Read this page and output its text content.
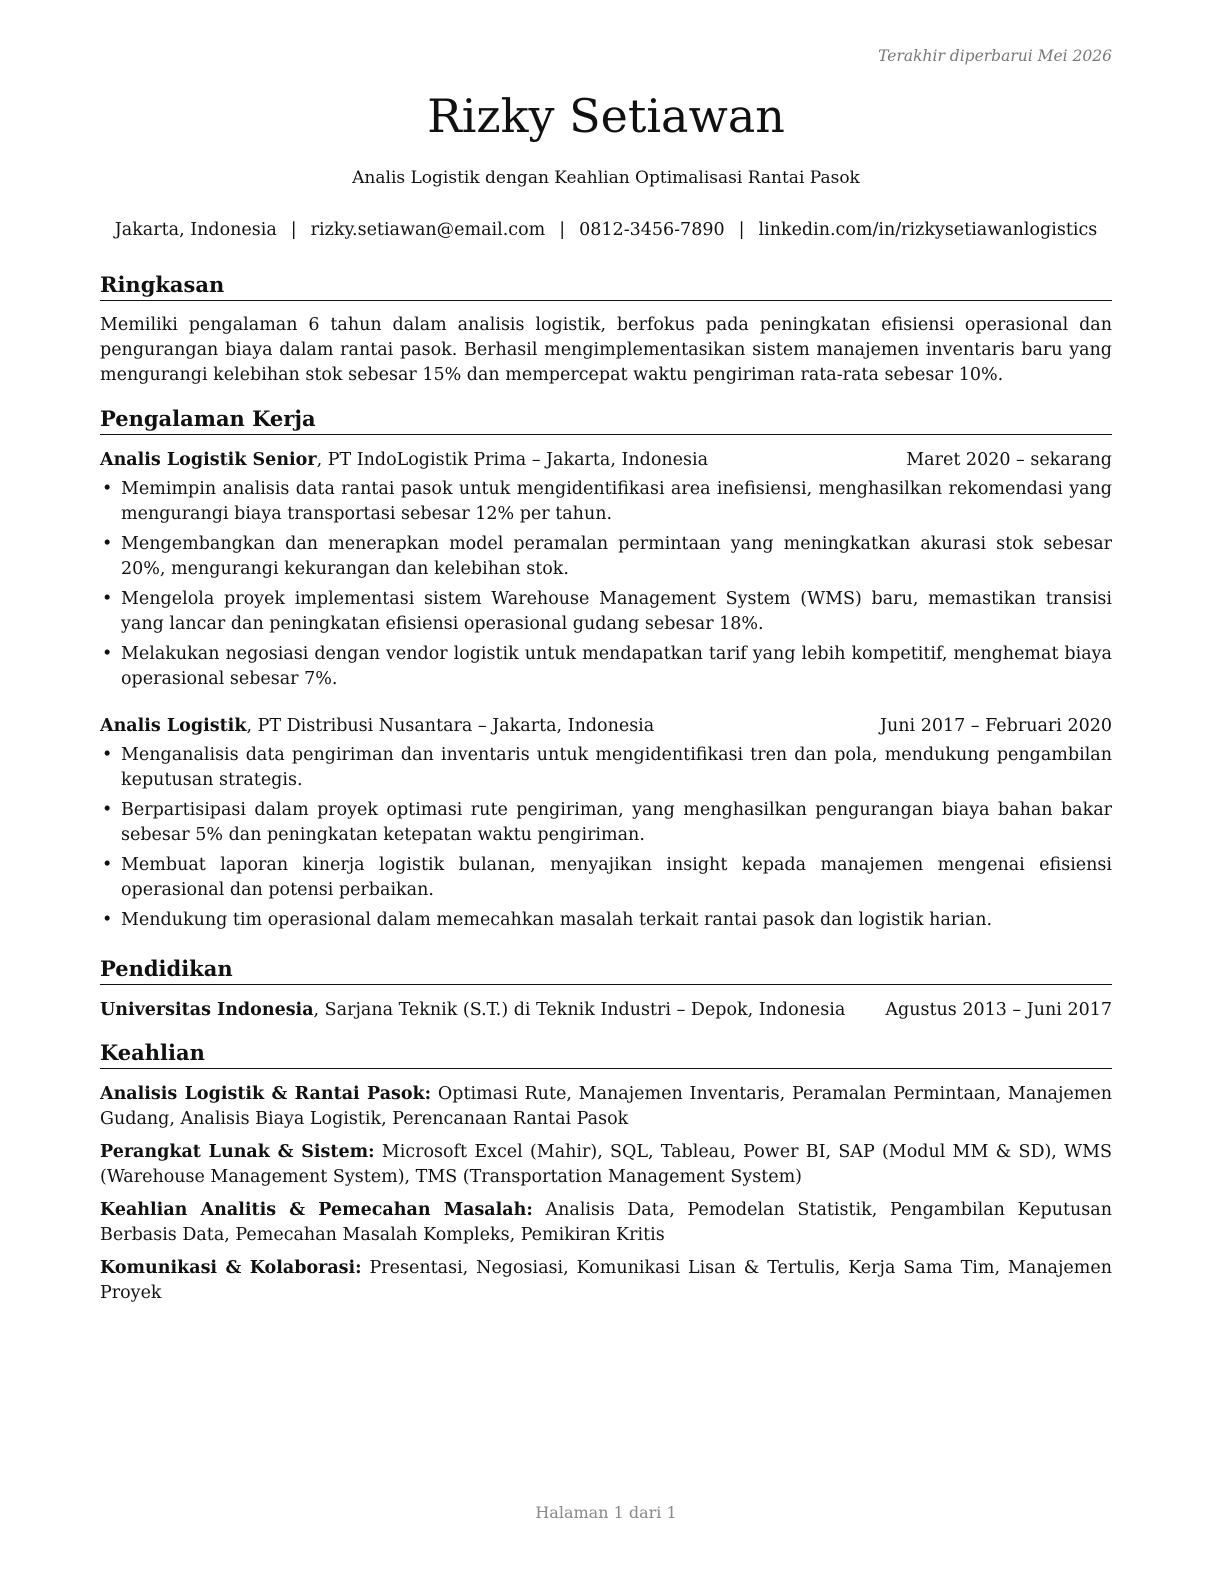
Terakhir diperbarui Mei 2026
Rizky Setiawan
Analis Logistik dengan Keahlian Optimalisasi Rantai Pasok
Jakarta, Indonesia | rizky.setiawan@email.com | 0812-3456-7890 | linkedin.com/in/rizkysetiawanlogistics
Ringkasan

Memiliki pengalaman 6 tahun dalam analisis logistik, berfokus pada peningkatan efisiensi operasional dan pengurangan biaya dalam rantai pasok. Berhasil mengimplementasikan sistem manajemen inventaris baru yang mengurangi kelebihan stok sebesar 15% dan mempercepat waktu pengiriman rata-rata sebesar 10%.

Pengalaman Kerja
Analis Logistik Senior, PT IndoLogistik Prima – Jakarta, Indonesia	Maret 2020 – sekarang
• Memimpin analisis data rantai pasok untuk mengidentifikasi area inefisiensi, menghasilkan rekomendasi yang mengurangi biaya transportasi sebesar 12% per tahun.
• Mengembangkan dan menerapkan model peramalan permintaan yang meningkatkan akurasi stok sebesar 20%, mengurangi kekurangan dan kelebihan stok.
• Mengelola proyek implementasi sistem Warehouse Management System (WMS) baru, memastikan transisi yang lancar dan peningkatan efisiensi operasional gudang sebesar 18%.
• Melakukan negosiasi dengan vendor logistik untuk mendapatkan tarif yang lebih kompetitif, menghemat biaya operasional sebesar 7%.
Analis Logistik, PT Distribusi Nusantara – Jakarta, Indonesia	Juni 2017 – Februari 2020
• Menganalisis data pengiriman dan inventaris untuk mengidentifikasi tren dan pola, mendukung pengambilan keputusan strategis.
• Berpartisipasi dalam proyek optimasi rute pengiriman, yang menghasilkan pengurangan biaya bahan bakar sebesar 5% dan peningkatan ketepatan waktu pengiriman.
• Membuat laporan kinerja logistik bulanan, menyajikan insight kepada manajemen mengenai efisiensi operasional dan potensi perbaikan.
• Mendukung tim operasional dalam memecahkan masalah terkait rantai pasok dan logistik harian.
Pendidikan
Universitas Indonesia, Sarjana Teknik (S.T.) di Teknik Industri – Depok, Indonesia Agustus 2013 – Juni 2017
Keahlian

Analisis Logistik & Rantai Pasok: Optimasi Rute, Manajemen Inventaris, Peramalan Permintaan, Manajemen Gudang, Analisis Biaya Logistik, Perencanaan Rantai Pasok

Perangkat Lunak & Sistem: Microsoft Excel (Mahir), SQL, Tableau, Power BI, SAP (Modul MM & SD), WMS (Warehouse Management System), TMS (Transportation Management System)

Keahlian Analitis & Pemecahan Masalah: Analisis Data, Pemodelan Statistik, Pengambilan Keputusan Berbasis Data, Pemecahan Masalah Kompleks, Pemikiran Kritis

Komunikasi & Kolaborasi: Presentasi, Negosiasi, Komunikasi Lisan & Tertulis, Kerja Sama Tim, Manajemen Proyek

Halaman 1 dari 1
